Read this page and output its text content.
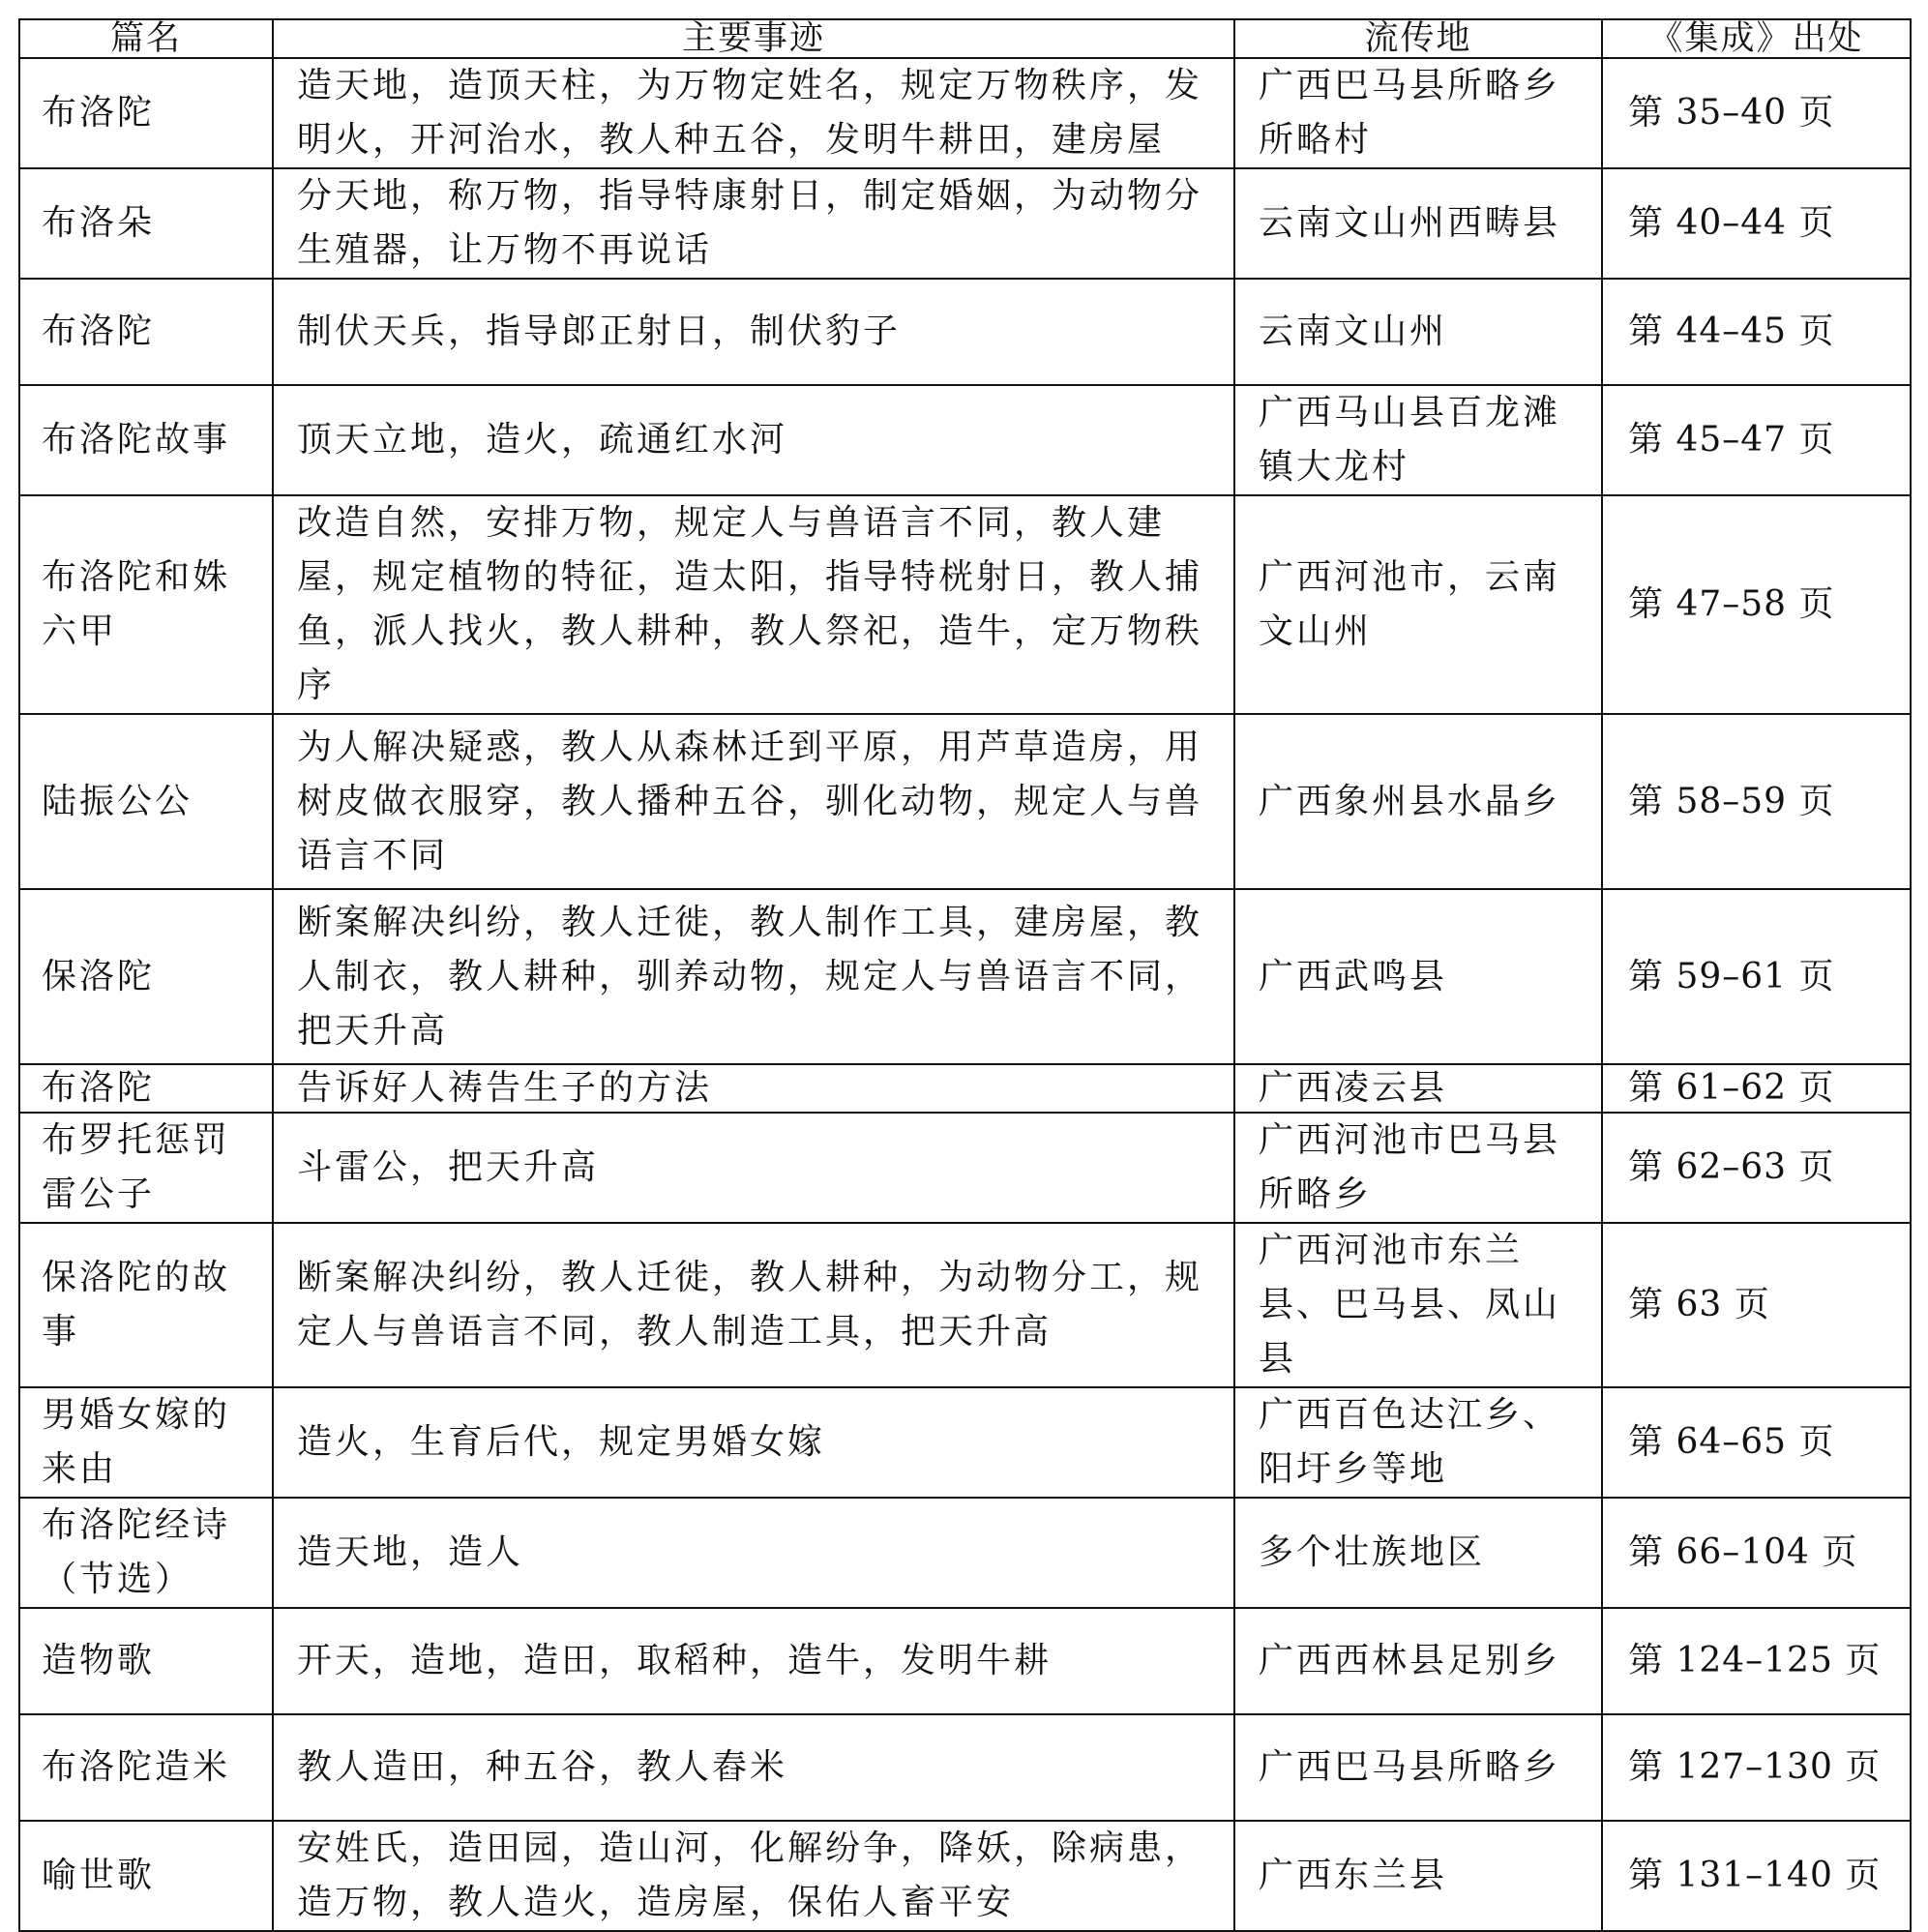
篇名	主要事迹	流传地	《集成》出处
布洛陀	造天地，造顶天柱，为万物定姓名，规定万物秩序，发明火，开河治水，教人种五谷，发明牛耕田，建房屋	广西巴马县所略乡所略村	第 35–40 页
布洛朵	分天地，称万物，指导特康射日，制定婚姻，为动物分生殖器，让万物不再说话	云南文山州西畴县	第 40–44 页
布洛陀	制伏天兵，指导郎正射日，制伏豹子	云南文山州	第 44–45 页
布洛陀故事	顶天立地，造火，疏通红水河	广西马山县百龙滩镇大龙村	第 45–47 页
布洛陀和姝六甲	改造自然，安排万物，规定人与兽语言不同，教人建屋，规定植物的特征，造太阳，指导特桄射日，教人捕鱼，派人找火，教人耕种，教人祭祀，造牛，定万物秩序	广西河池市，云南文山州	第 47–58 页
陆振公公	为人解决疑惑，教人从森林迁到平原，用芦草造房，用树皮做衣服穿，教人播种五谷，驯化动物，规定人与兽语言不同	广西象州县水晶乡	第 58–59 页
保洛陀	断案解决纠纷，教人迁徙，教人制作工具，建房屋，教人制衣，教人耕种，驯养动物，规定人与兽语言不同，把天升高	广西武鸣县	第 59–61 页
布洛陀	告诉好人祷告生子的方法	广西凌云县	第 61–62 页
布罗托惩罚雷公子	斗雷公，把天升高	广西河池市巴马县所略乡	第 62–63 页
保洛陀的故事	断案解决纠纷，教人迁徙，教人耕种，为动物分工，规定人与兽语言不同，教人制造工具，把天升高	广西河池市东兰县、巴马县、凤山县	第 63 页
男婚女嫁的来由	造火，生育后代，规定男婚女嫁	广西百色达江乡、阳圩乡等地	第 64–65 页
布洛陀经诗（节选）	造天地，造人	多个壮族地区	第 66–104 页
造物歌	开天，造地，造田，取稻种，造牛，发明牛耕	广西西林县足别乡	第 124–125 页
布洛陀造米	教人造田，种五谷，教人舂米	广西巴马县所略乡	第 127–130 页
喻世歌	安姓氏，造田园，造山河，化解纷争，降妖，除病患，造万物，教人造火，造房屋，保佑人畜平安	广西东兰县	第 131–140 页
